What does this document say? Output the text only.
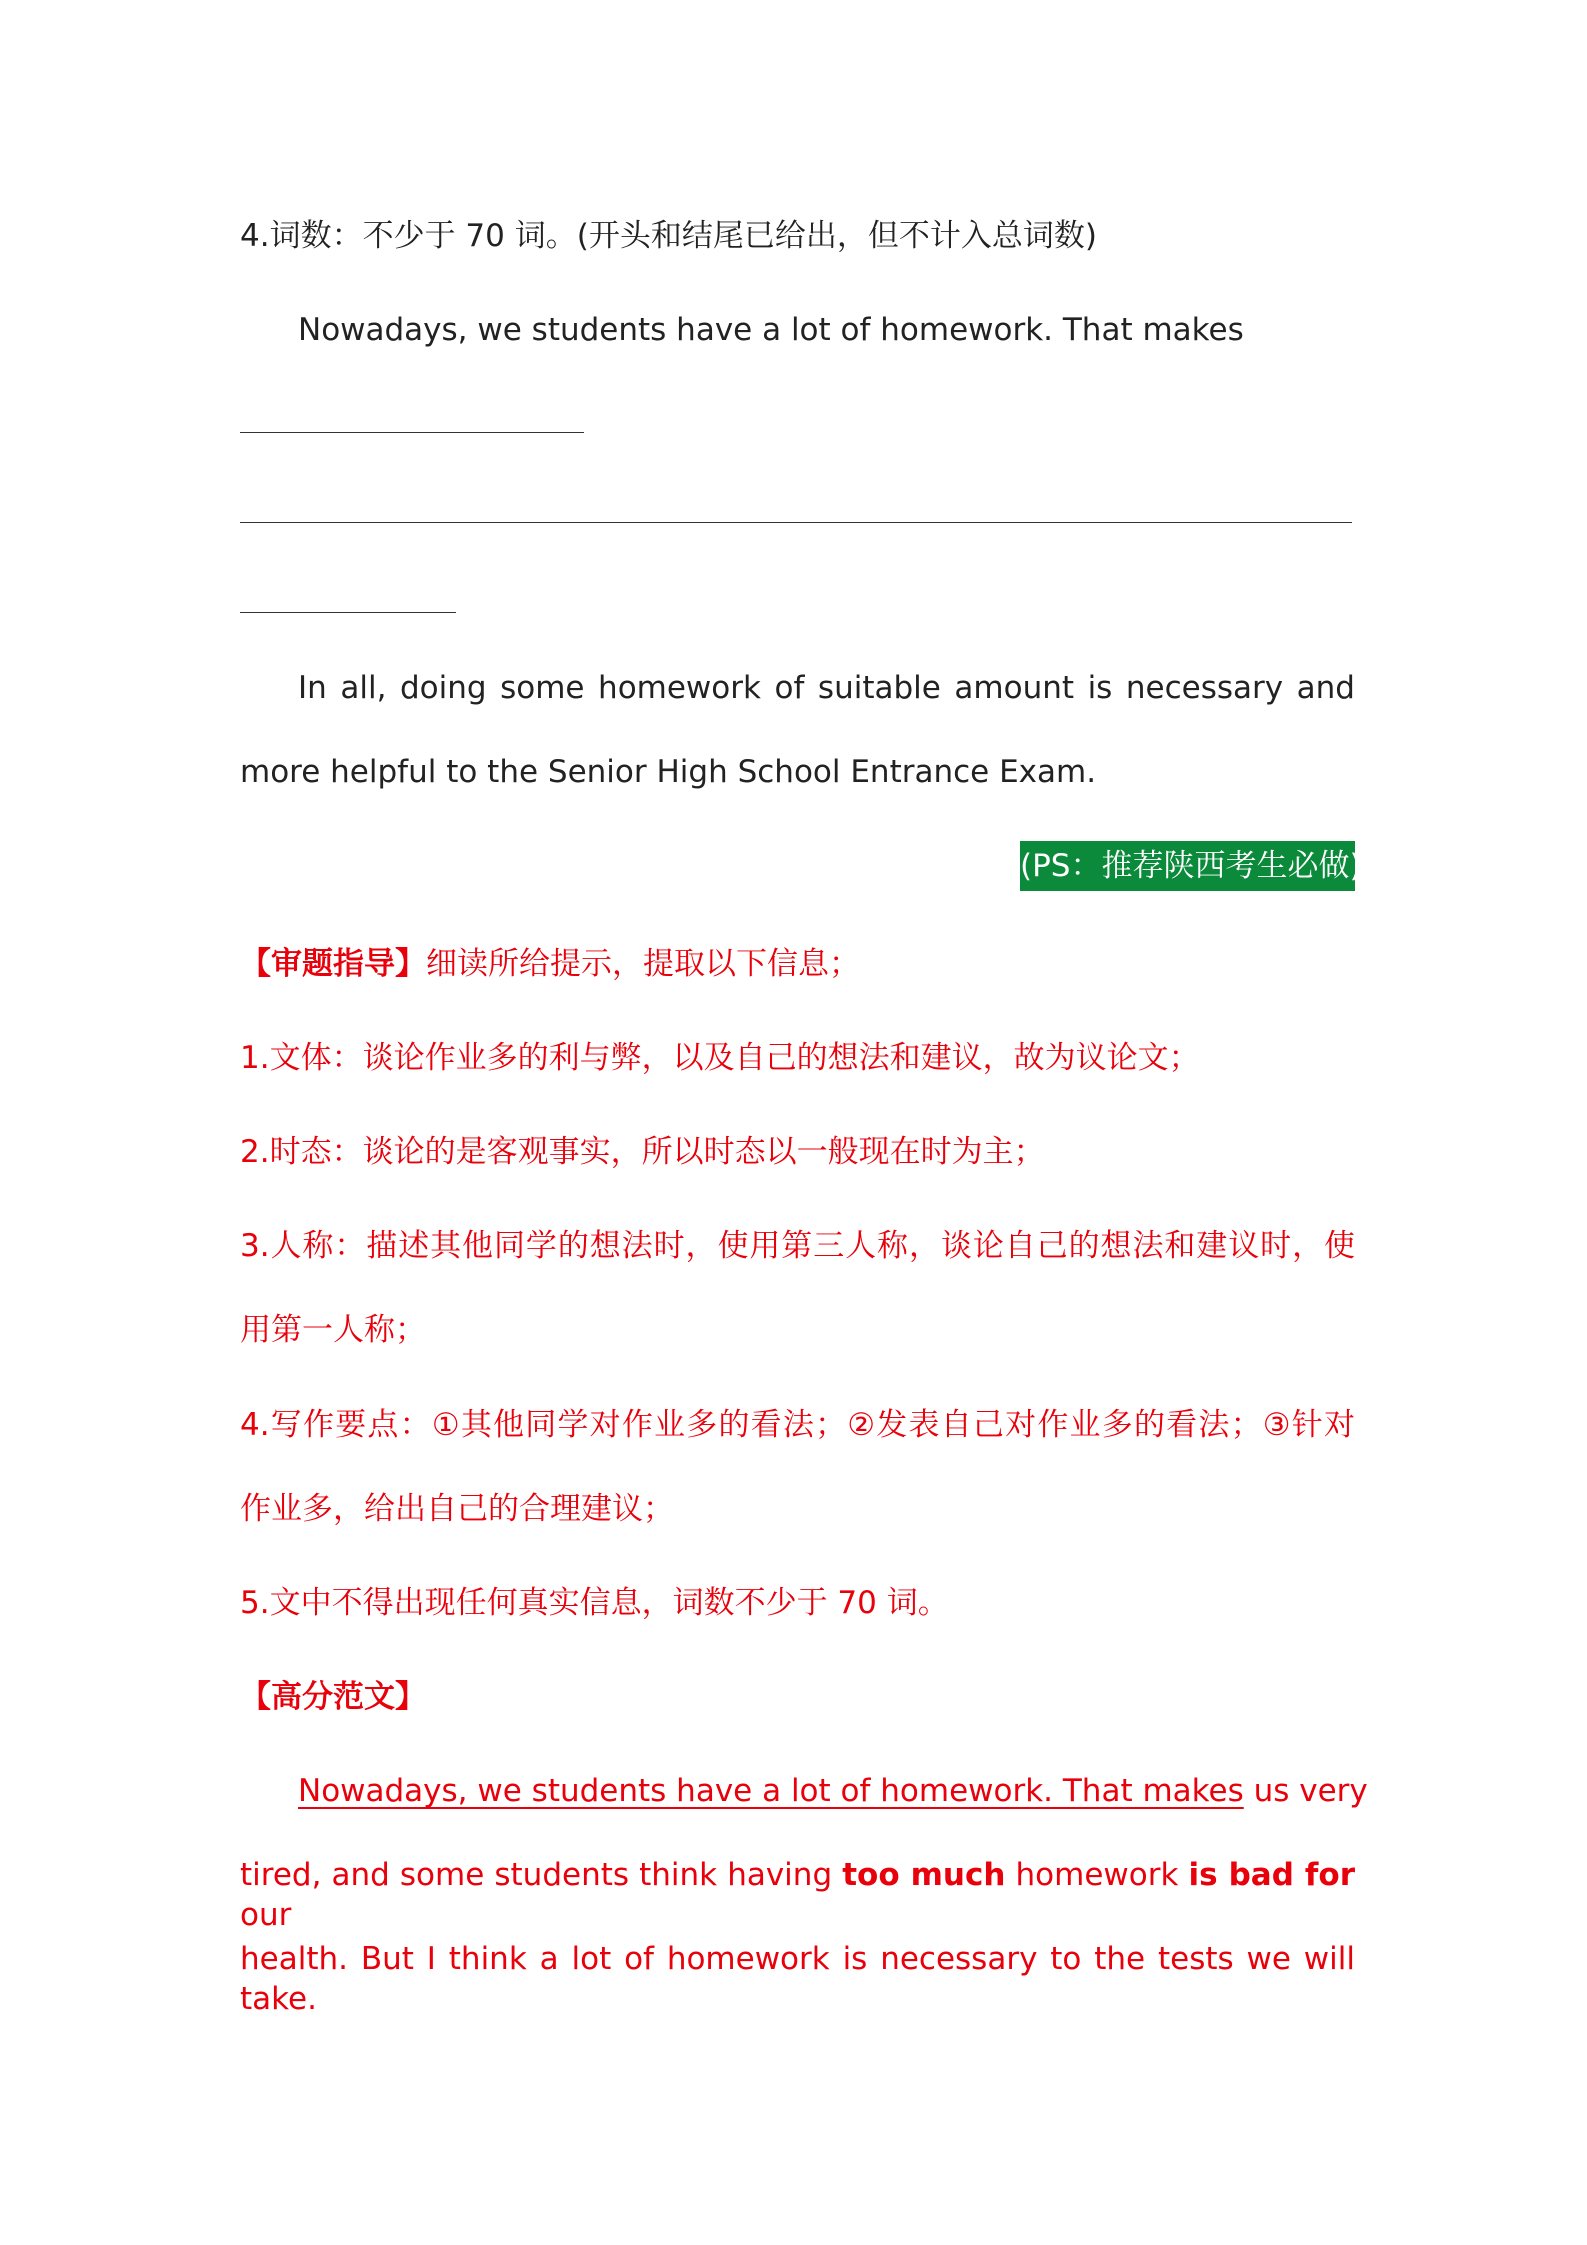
4.词数：不少于 70 词。(开头和结尾已给出，但不计入总词数)
Nowadays, we students have a lot of homework. That makes
In all, doing some homework of suitable amount is necessary and
more helpful to the Senior High School Entrance Exam.
(PS：推荐陕西考生必做)
【审题指导】细读所给提示，提取以下信息；
1.文体：谈论作业多的利与弊，以及自己的想法和建议，故为议论文；
2.时态：谈论的是客观事实，所以时态以一般现在时为主；
3.人称：描述其他同学的想法时，使用第三人称，谈论自己的想法和建议时，使
用第一人称；
4.写作要点：①其他同学对作业多的看法；②发表自己对作业多的看法；③针对
作业多，给出自己的合理建议；
5.文中不得出现任何真实信息，词数不少于 70 词。
【高分范文】
Nowadays, we students have a lot of homework. That makes us very
tired, and some students think having too much homework is bad for our
health. But I think a lot of homework is necessary to the tests we will take.
